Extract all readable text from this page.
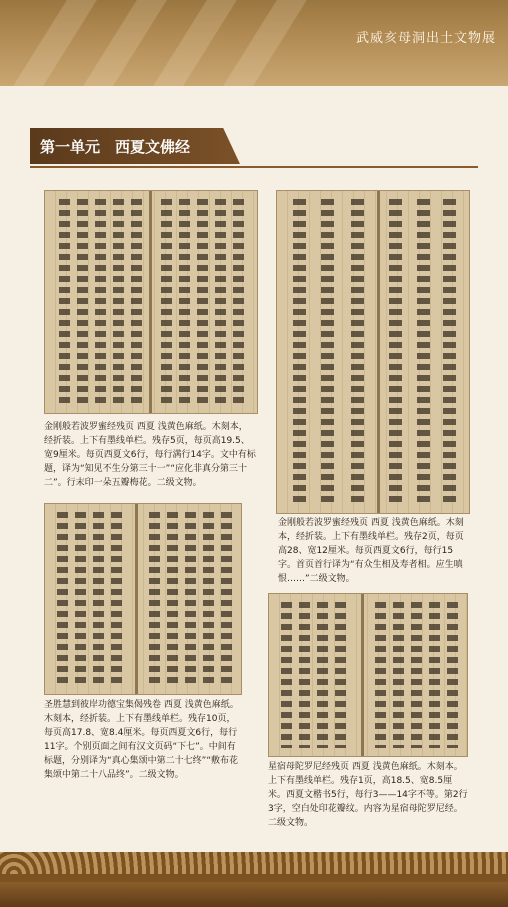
武威亥母洞出土文物展
第一单元　西夏文佛经
金刚般若波罗蜜经残页 西夏 浅黄色麻纸。木刻本，经折装。上下有墨线单栏。残存5页，每页高19.5、宽9厘米。每页西夏文6行，每行满行14字。文中有标题，译为“知见不生分第三十一”“应化非真分第三十二”。行末印一朵五瓣梅花。二级文物。
金刚般若波罗蜜经残页 西夏 浅黄色麻纸。木刻本，经折装。上下有墨线单栏。残存2页，每页高28、宽12厘米。每页西夏文6行，每行15字。首页首行译为“有众生相及寿者相。应生嗔恨……”二级文物。
圣胜慧到彼岸功德宝集偈残卷 西夏 浅黄色麻纸。木刻本，经折装。上下有墨线单栏。残存10页，每页高17.8、宽8.4厘米。每页西夏文6行，每行11字。个别页面之间有汉文页码“下七”。中间有标题，分别译为“真心集颂中第二十七终”“敷布花集颂中第二十八品终”。二级文物。
星宿母陀罗尼经残页 西夏 浅黄色麻纸。木刻本。上下有墨线单栏。残存1页，高18.5、宽8.5厘米。西夏文楷书5行，每行3——14字不等。第2行3字，空白处印花瓣纹。内容为星宿母陀罗尼经。二级文物。
